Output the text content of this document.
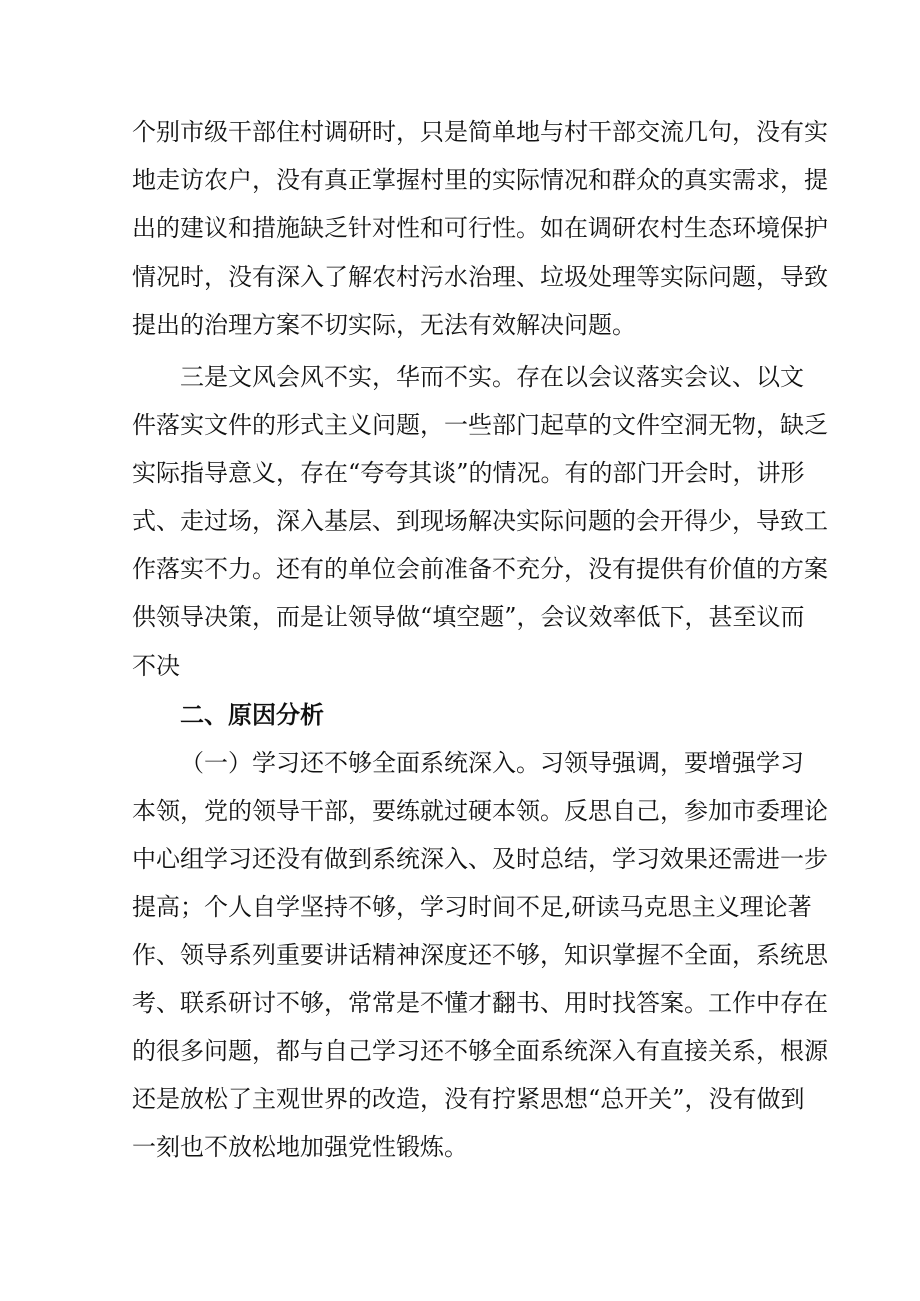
个别市级干部住村调研时，只是简单地与村干部交流几句，没有实
地走访农户，没有真正掌握村里的实际情况和群众的真实需求，提
出的建议和措施缺乏针对性和可行性。如在调研农村生态环境保护
情况时，没有深入了解农村污水治理、垃圾处理等实际问题，导致
提出的治理方案不切实际，无法有效解决问题。
三是文风会风不实，华而不实。存在以会议落实会议、以文
件落实文件的形式主义问题，一些部门起草的文件空洞无物，缺乏
实际指导意义，存在“夸夸其谈”的情况。有的部门开会时，讲形
式、走过场，深入基层、到现场解决实际问题的会开得少，导致工
作落实不力。还有的单位会前准备不充分，没有提供有价值的方案
供领导决策，而是让领导做“填空题”，会议效率低下，甚至议而
不决
二、原因分析
（一）学习还不够全面系统深入。习领导强调，要增强学习
本领，党的领导干部，要练就过硬本领。反思自己，参加市委理论
中心组学习还没有做到系统深入、及时总结，学习效果还需进一步
提高；个人自学坚持不够，学习时间不足,研读马克思主义理论著
作、领导系列重要讲话精神深度还不够，知识掌握不全面，系统思
考、联系研讨不够，常常是不懂才翻书、用时找答案。工作中存在
的很多问题，都与自己学习还不够全面系统深入有直接关系，根源
还是放松了主观世界的改造，没有拧紧思想“总开关”，没有做到
一刻也不放松地加强党性锻炼。
